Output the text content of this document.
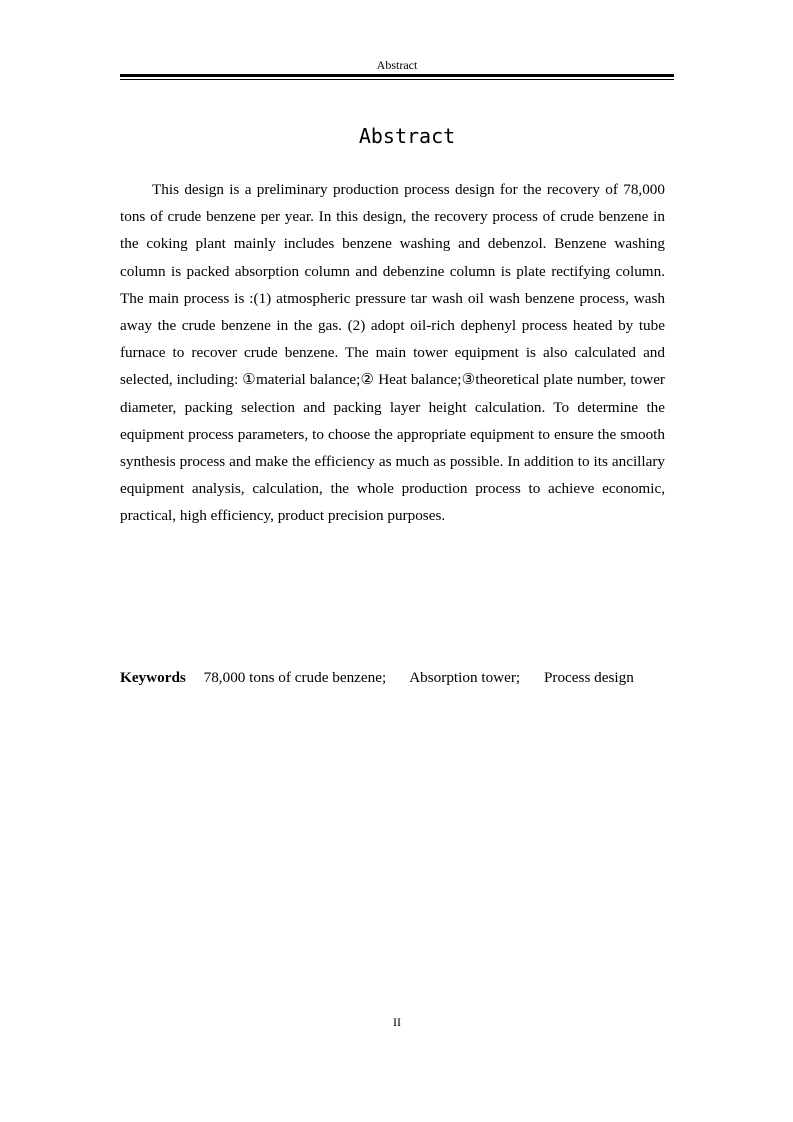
Abstract
Abstract

This design is a preliminary production process design for the recovery of 78,000 tons of crude benzene per year. In this design, the recovery process of crude benzene in the coking plant mainly includes benzene washing and debenzol. Benzene washing column is packed absorption column and debenzine column is plate rectifying column. The main process is :(1) atmospheric pressure tar wash oil wash benzene process, wash away the crude benzene in the gas. (2) adopt oil-rich dephenyl process heated by tube furnace to recover crude benzene. The main tower equipment is also calculated and selected, including: ①material balance;② Heat balance;③theoretical plate number, tower diameter, packing selection and packing layer height calculation. To determine the equipment process parameters, to choose the appropriate equipment to ensure the smooth synthesis process and make the efficiency as much as possible. In addition to its ancillary equipment analysis, calculation, the whole production process to achieve economic, practical, high efficiency, product precision purposes.

Keywords 78,000 tons of crude benzene; Absorption tower; Process design
II
